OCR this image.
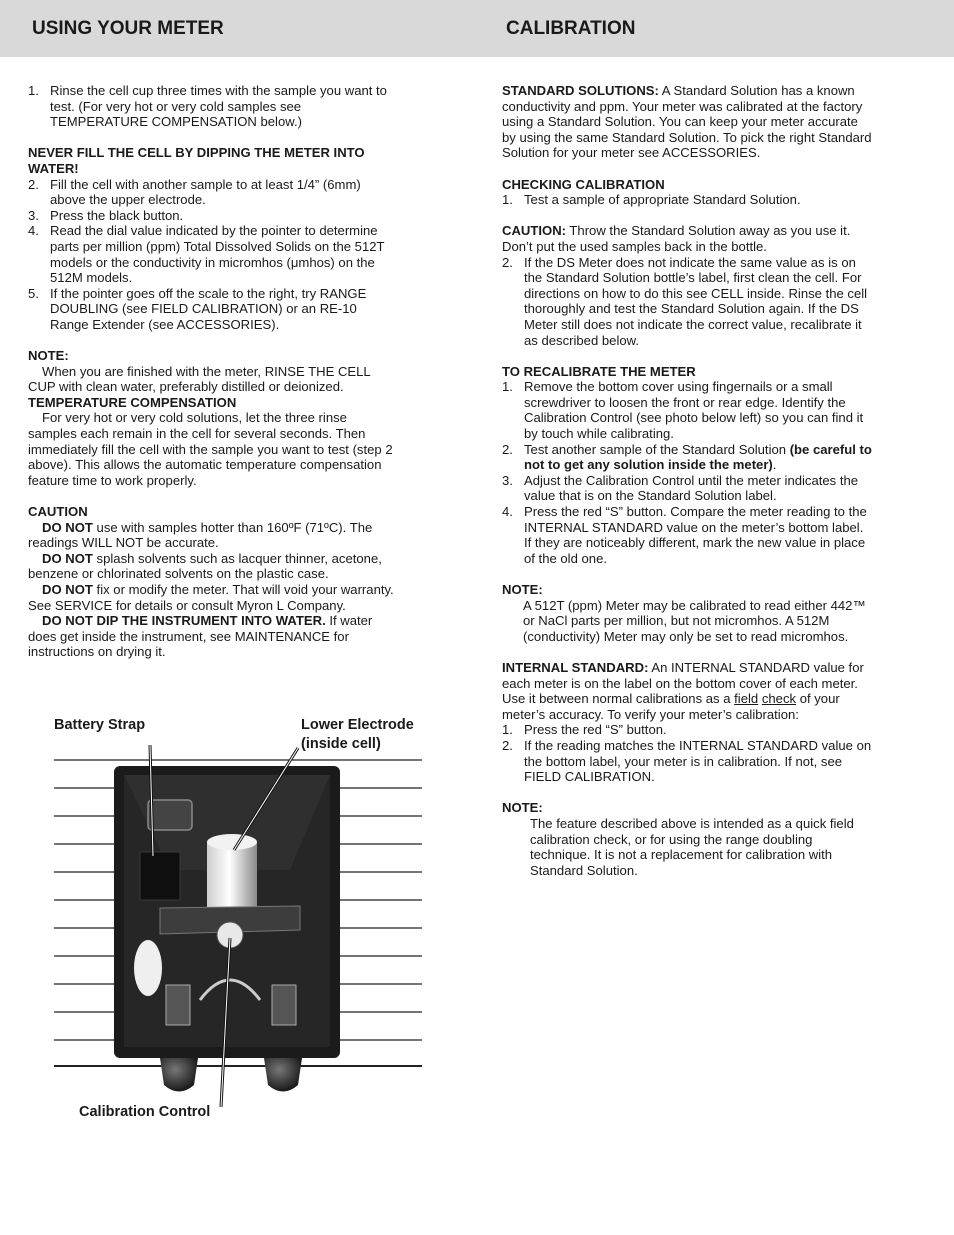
USING YOUR METER	CALIBRATION

1. Rinse the cell cup three times with the sample you want to test. (For very hot or very cold samples see TEMPERATURE COMPENSATION below.)

NEVER FILL THE CELL BY DIPPING THE METER INTO WATER!

2. Fill the cell with another sample to at least 1/4” (6mm) above the upper electrode.

3. Press the black button.

4. Read the dial value indicated by the pointer to determine parts per million (ppm) Total Dissolved Solids on the 512T models or the conductivity in micromhos (μmhos) on the 512M models.

5. If the pointer goes off the scale to the right, try RANGE DOUBLING (see FIELD CALIBRATION) or an RE-10 Range Extender (see ACCESSORIES).

NOTE:

When you are finished with the meter, RINSE THE CELL CUP with clean water, preferably distilled or deionized.

TEMPERATURE COMPENSATION

For very hot or very cold solutions, let the three rinse samples each remain in the cell for several seconds. Then immediately fill the cell with the sample you want to test (step 2 above). This allows the automatic temperature compensation feature time to work properly.

CAUTION

DO NOT use with samples hotter than 160ºF (71ºC). The readings WILL NOT be accurate.

DO NOT splash solvents such as lacquer thinner, acetone, benzene or chlorinated solvents on the plastic case.

DO NOT fix or modify the meter. That will void your warranty. See SERVICE for details or consult Myron L Company.

DO NOT DIP THE INSTRUMENT INTO WATER. If water does get inside the instrument, see MAINTENANCE for instructions on drying it.

Battery Strap	Lower Electrode
(inside cell)
Calibration Control

STANDARD SOLUTIONS: A Standard Solution has a known conductivity and ppm. Your meter was calibrated at the factory using a Standard Solution. You can keep your meter accurate by using the same Standard Solution. To pick the right Standard Solution for your meter see ACCESSORIES.

CHECKING CALIBRATION

1. Test a sample of appropriate Standard Solution.

CAUTION: Throw the Standard Solution away as you use it. Don’t put the used samples back in the bottle.

2. If the DS Meter does not indicate the same value as is on the Standard Solution bottle’s label, first clean the cell. For directions on how to do this see CELL inside. Rinse the cell thoroughly and test the Standard Solution again. If the DS Meter still does not indicate the correct value, recalibrate it as described below.

TO RECALIBRATE THE METER

1. Remove the bottom cover using fingernails or a small screwdriver to loosen the front or rear edge. Identify the Calibration Control (see photo below left) so you can find it by touch while calibrating.

2. Test another sample of the Standard Solution (be careful to not to get any solution inside the meter).

3. Adjust the Calibration Control until the meter indicates the value that is on the Standard Solution label.

4. Press the red “S” button. Compare the meter reading to the INTERNAL STANDARD value on the meter’s bottom label. If they are noticeably different, mark the new value in place of the old one.

NOTE:

A 512T (ppm) Meter may be calibrated to read either 442™ or NaCl parts per million, but not micromhos. A 512M (conductivity) Meter may only be set to read micromhos.

INTERNAL STANDARD: An INTERNAL STANDARD value for each meter is on the label on the bottom cover of each meter. Use it between normal calibrations as a field check of your meter’s accuracy. To verify your meter’s calibration:

1. Press the red “S” button.

2. If the reading matches the INTERNAL STANDARD value on the bottom label, your meter is in calibration. If not, see FIELD CALIBRATION.

NOTE:

The feature described above is intended as a quick field calibration check, or for using the range doubling technique. It is not a replacement for calibration with Standard Solution.
